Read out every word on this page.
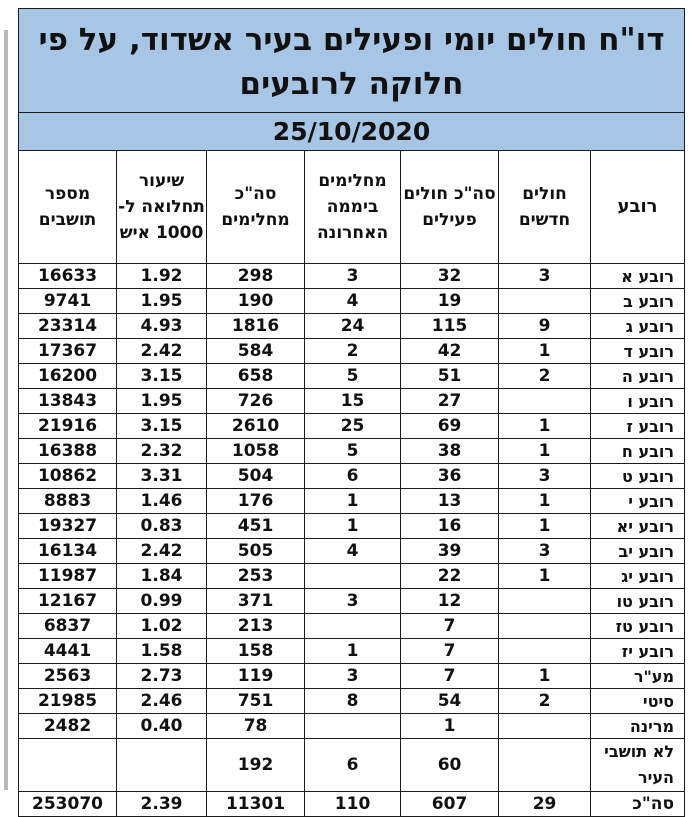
דו"ח חולים יומי ופעילים בעיר אשדוד, על פי חלוקה לרובעים						
25/10/2020						
רובע	חולים חדשים	סה"כ חולים פעילים	מחלימים ביממה האחרונה	סה"כ מחלימים	שיעור תחלואה ל- 1000 איש	מספר תושבים
רובע א	3	32	3	298	1.92	16633
רובע ב		19	4	190	1.95	9741
רובע ג	9	115	24	1816	4.93	23314
רובע ד	1	42	2	584	2.42	17367
רובע ה	2	51	5	658	3.15	16200
רובע ו		27	15	726	1.95	13843
רובע ז	1	69	25	2610	3.15	21916
רובע ח	1	38	5	1058	2.32	16388
רובע ט	3	36	6	504	3.31	10862
רובע י	1	13	1	176	1.46	8883
רובע יא	1	16	1	451	0.83	19327
רובע יב	3	39	4	505	2.42	16134
רובע יג	1	22		253	1.84	11987
רובע טו		12	3	371	0.99	12167
רובע טז		7		213	1.02	6837
רובע יז		7	1	158	1.58	4441
מע"ר	1	7	3	119	2.73	2563
סיטי	2	54	8	751	2.46	21985
מרינה		1		78	0.40	2482
לא תושבי העיר		60	6	192		
סה"כ	29	607	110	11301	2.39	253070
